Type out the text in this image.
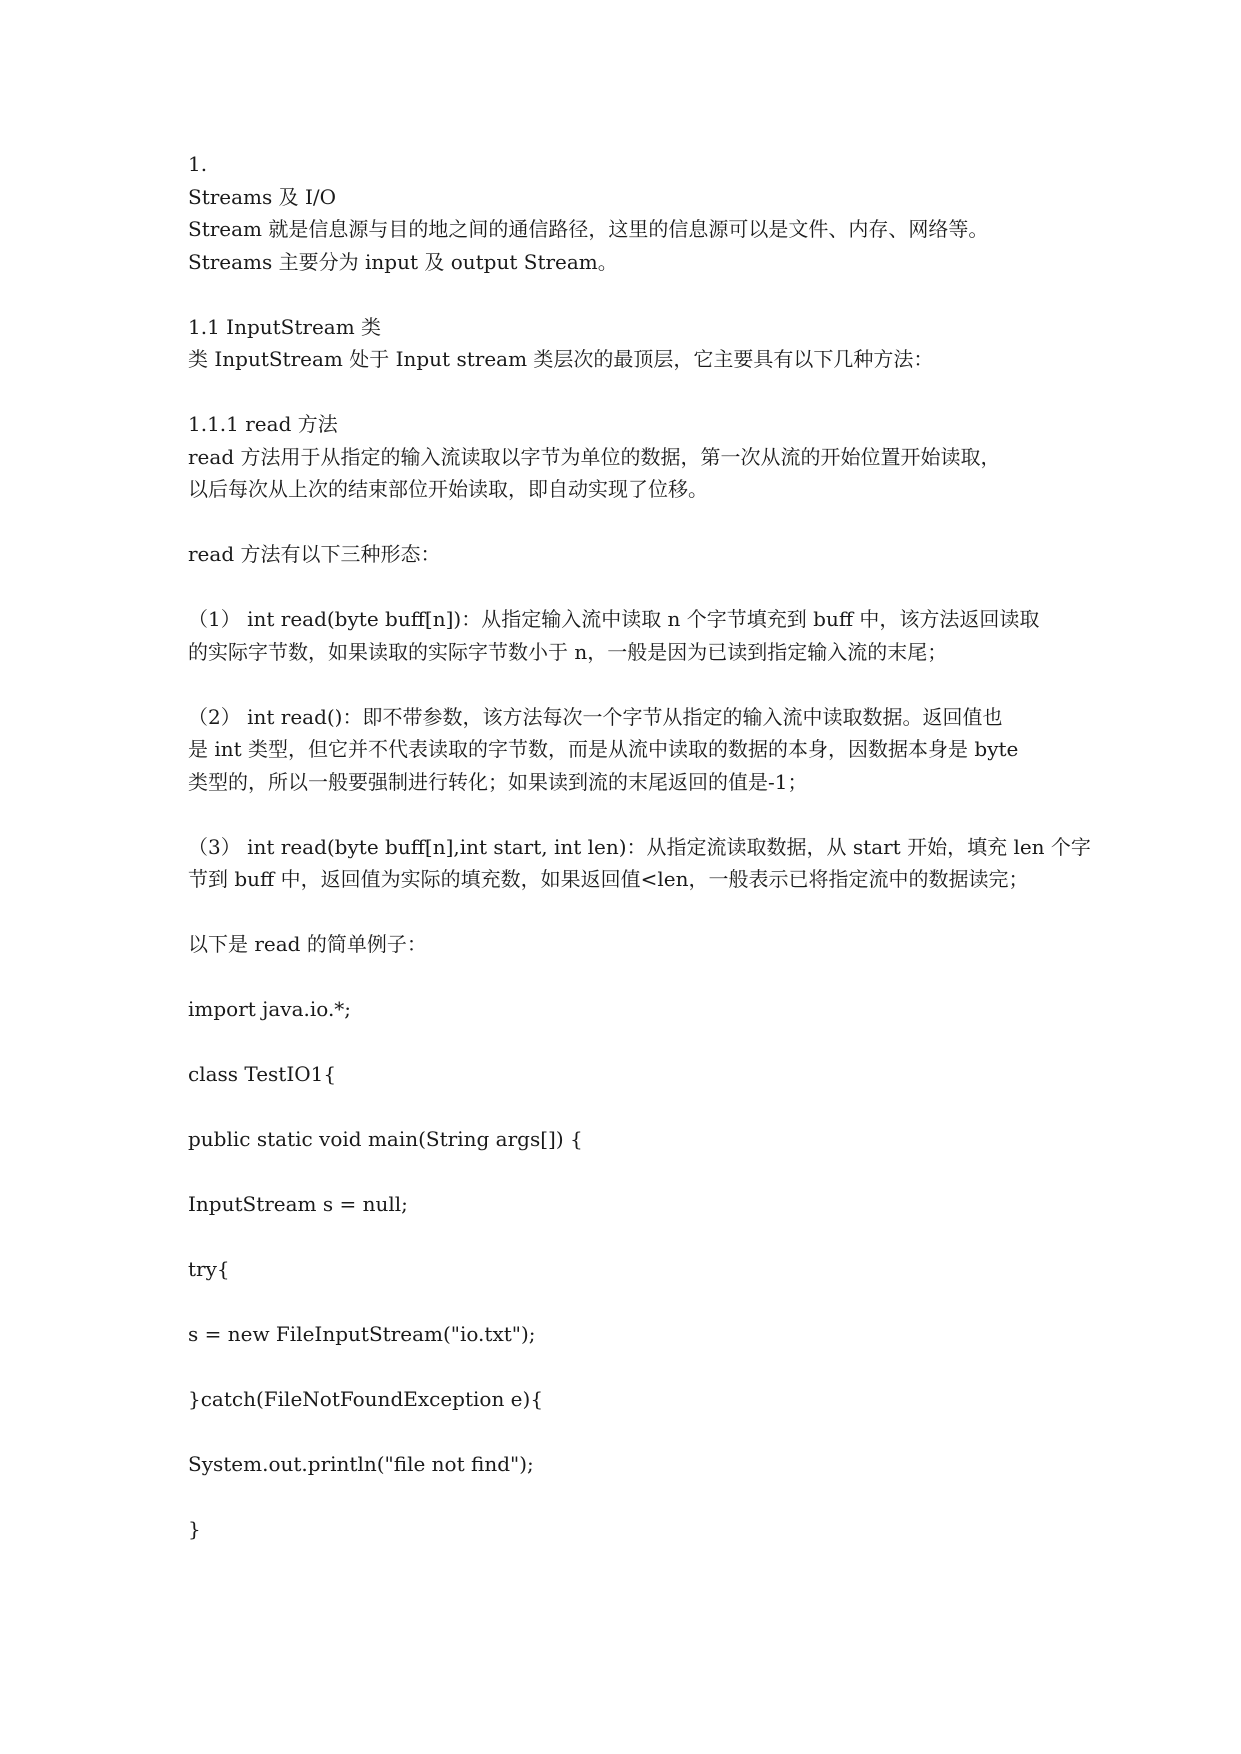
1.

Streams 及 I/O

Stream 就是信息源与目的地之间的通信路径，这里的信息源可以是文件、内存、网络等。

Streams 主要分为 input 及 output Stream。

1.1 InputStream 类

类 InputStream 处于 Input stream 类层次的最顶层，它主要具有以下几种方法：

1.1.1 read 方法

read 方法用于从指定的输入流读取以字节为单位的数据，第一次从流的开始位置开始读取，

以后每次从上次的结束部位开始读取，即自动实现了位移。

read 方法有以下三种形态：

（1） int read(byte buff[n])：从指定输入流中读取 n 个字节填充到 buff 中，该方法返回读取

的实际字节数，如果读取的实际字节数小于 n，一般是因为已读到指定输入流的末尾；

（2） int read()：即不带参数，该方法每次一个字节从指定的输入流中读取数据。返回值也

是 int 类型，但它并不代表读取的字节数，而是从流中读取的数据的本身，因数据本身是 byte

类型的，所以一般要强制进行转化；如果读到流的末尾返回的值是-1；

（3） int read(byte buff[n],int start, int len)：从指定流读取数据，从 start 开始，填充 len 个字

节到 buff 中，返回值为实际的填充数，如果返回值<len，一般表示已将指定流中的数据读完；

以下是 read 的简单例子：

import java.io.*;

class TestIO1{

public static void main(String args[]) {

InputStream s = null;

try{

s = new FileInputStream("io.txt");

}catch(FileNotFoundException e){

System.out.println("file not find");

}
